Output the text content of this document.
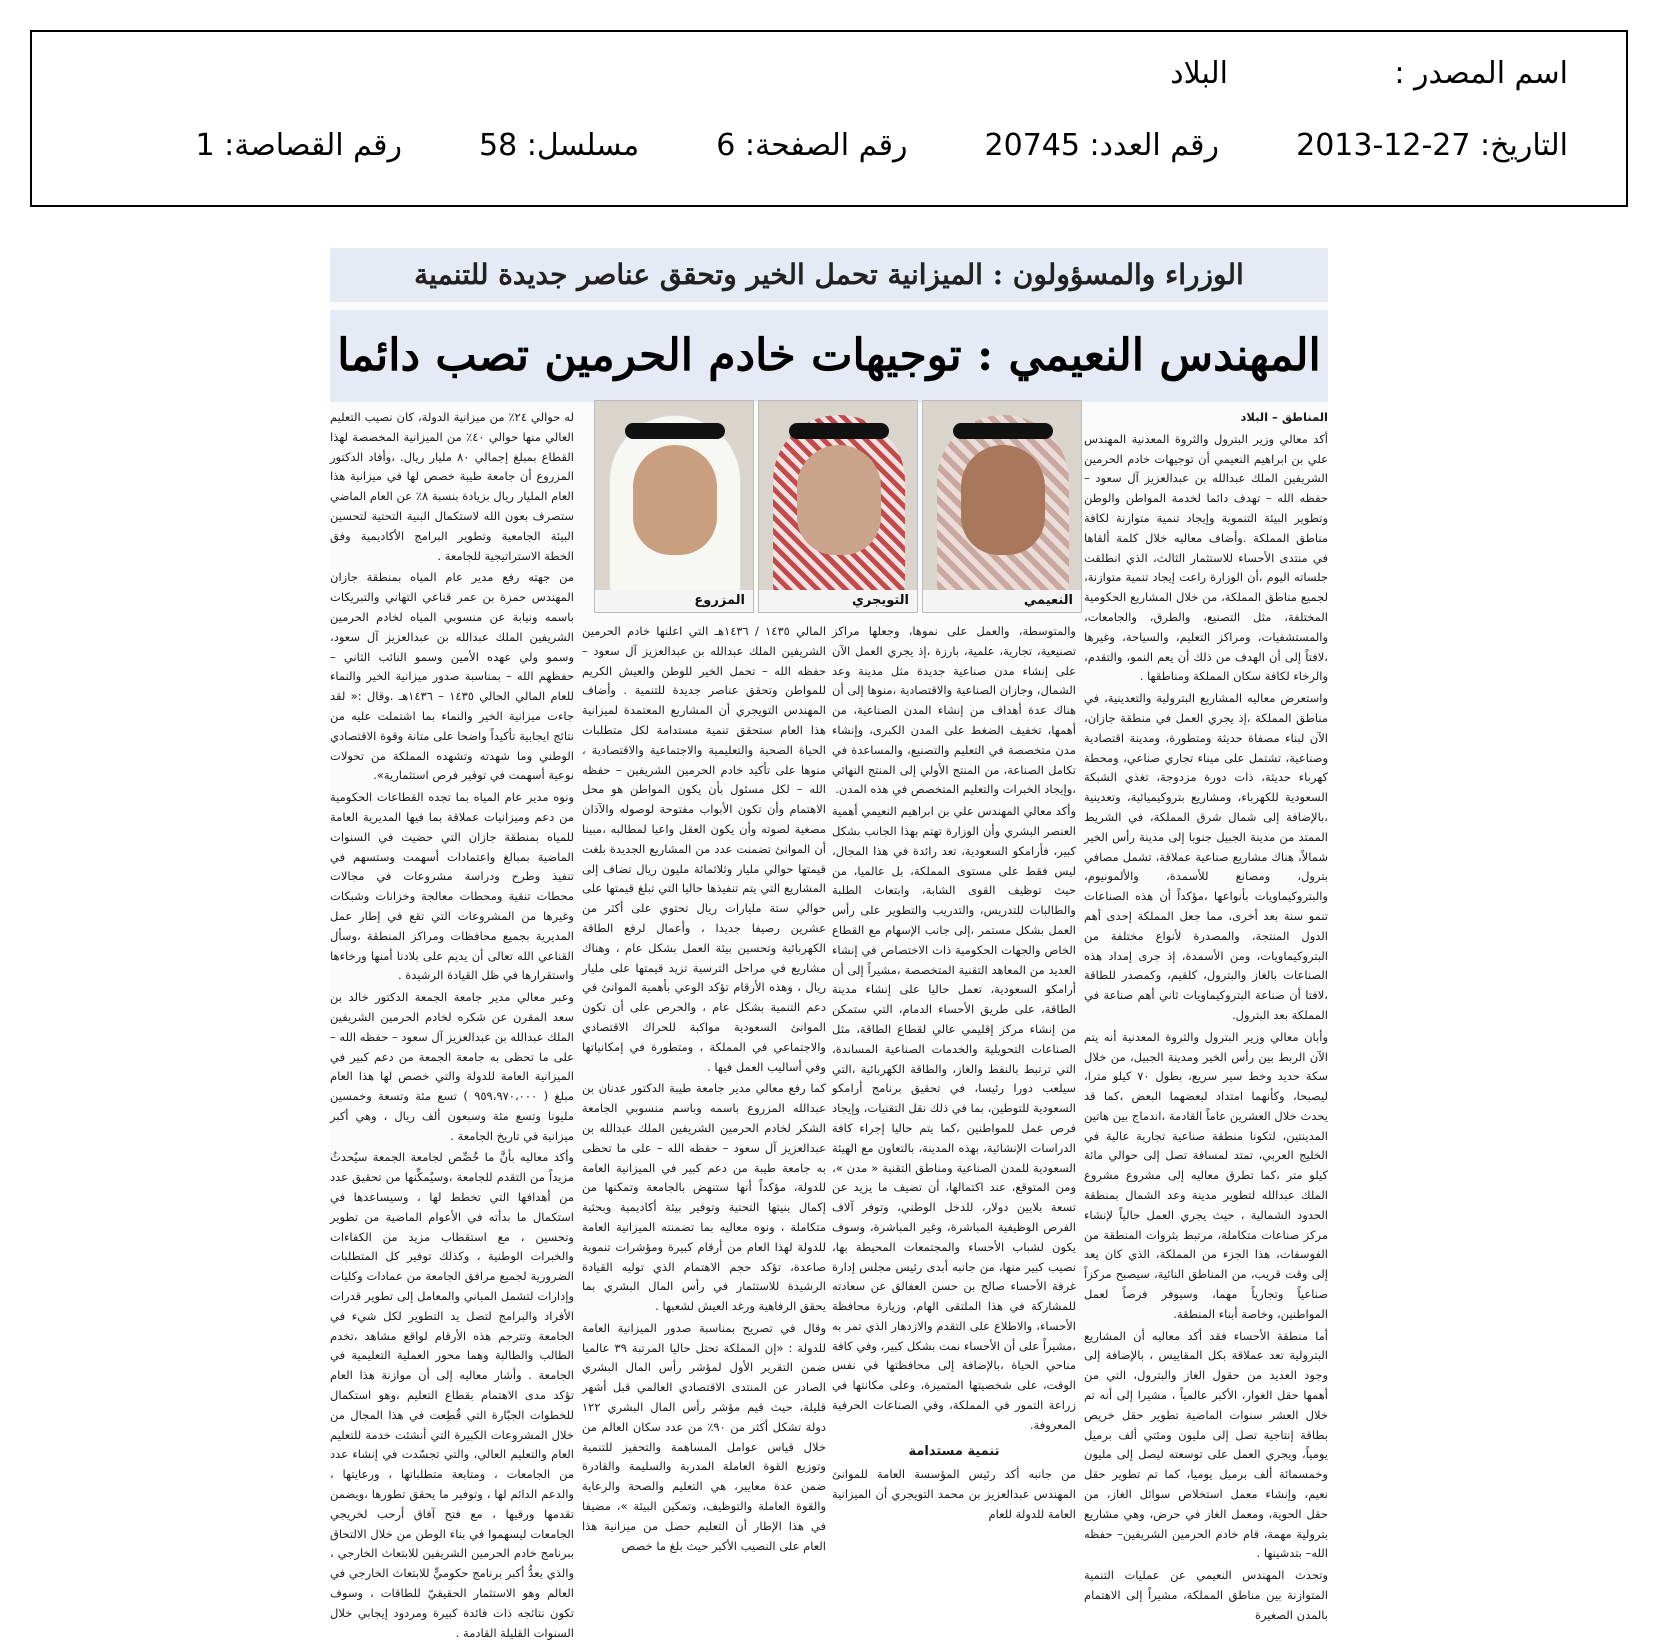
اسم المصدر :
البلاد
التاريخ: 2013-12-27  رقم العدد: 20745  رقم الصفحة: 6  مسلسل: 58  رقم القصاصة: 1
الوزراء والمسؤولون : الميزانية تحمل الخير وتحقق عناصر جديدة للتنمية
المهندس النعيمي : توجيهات خادم الحرمين تصب دائما
النعيمي
التويجري
المزروع

المناطق – البلاد

أكد معالي وزير البترول والثروة المعدنية المهندس علي بن ابراهيم النعيمي أن توجيهات خادم الحرمين الشريفين الملك عبدالله بن عبدالعزيز آل سعود – حفظه الله – تهدف دائما لخدمة المواطن والوطن وتطوير البيئة التنموية وإيجاد تنمية متوازنة لكافة مناطق المملكة .وأضاف معاليه خلال كلمة ألقاها في منتدى الأحساء للاستثمار الثالث، الذي انطلقت جلساته اليوم ،أن الوزارة راعت إيجاد تنمية متوازنة، لجميع مناطق المملكة، من خلال المشاريع الحكومية المختلفة، مثل التصنيع، والطرق، والجامعات، والمستشفيات، ومراكز التعليم، والسياحة، وغيرها ،لافتاً إلى أن الهدف من ذلك أن يعم النمو، والتقدم، والرخاء لكافة سكان المملكة ومناطقها .

واستعرض معاليه المشاريع البترولية والتعدينية، في مناطق المملكة ،إذ يجري العمل في منطقة جازان، الآن لبناء مصفاة حديثة ومتطورة، ومدينة اقتصادية وصناعية، تشتمل على ميناء تجاري صناعي، ومحطة كهرباء حديثة، ذات دورة مزدوجة، تغذي الشبكة السعودية للكهرباء، ومشاريع بتروكيميائية، وتعدينية ،بالإضافة إلى شمال شرق المملكة، في الشريط الممتد من مدينة الجبيل جنوبا إلى مدينة رأس الخير شمالاً، هناك مشاريع صناعية عملاقة، تشمل مصافي بترول، ومصانع للأسمدة، والألمونيوم، والبتروكيماويات بأنواعها ،مؤكداً أن هذه الصناعات تنمو سنة بعد أخرى، مما جعل المملكة إحدى أهم الدول المنتجة، والمصدرة لأنواع مختلفة من البتروكيماويات، ومن الأسمدة، إذ جرى إمداد هذه الصناعات بالغاز والبترول، كلقيم، وكمصدر للطاقة ،لافتا أن صناعة البتروكيماويات ثاني أهم صناعة في المملكة بعد البترول.

وأبان معالي وزير البترول والثروة المعدنية أنه يتم الآن الربط بين رأس الخير ومدينة الجبيل، من خلال سكة حديد وخط سير سريع، بطول ٧٠ كيلو مترا، ليصبحا، وكأنهما امتداد لبعضهما البعض ،كما قد يحدث خلال العشرين عاماً القادمة ،اندماج بين هاتين المدينتين، لتكونا منطقة صناعية تجارية عالية في الخليج العربي، تمتد لمسافة تصل إلى حوالي مائة كيلو متر ،كما تطرق معاليه إلى مشروع مشروع الملك عبدالله لتطوير مدينة وعد الشمال بمنطقة الحدود الشمالية ، حيث يجري العمل حالياً لإنشاء مركز صناعات متكاملة، مرتبط بثروات المنطقة من الفوسفات، هذا الجزء من المملكة، الذي كان يعد إلى وقت قريب، من المناطق النائية، سيصبح مركزاً صناعياً وتجارياً مهما، وسيوفر فرصاً لعمل المواطنين، وخاصة أبناء المنطقة.

أما منطقة الأحساء فقد أكد معاليه أن المشاريع البترولية تعد عملاقة بكل المقاييس ، بالإضافة إلى وجود العديد من حقول الغاز والبترول، التي من أهمها حقل الغوار، الأكبر عالمياً ، مشيرا إلى أنه تم خلال العشر سنوات الماضية تطوير حقل خريص بطاقة إنتاجية تصل إلى مليون ومئتي ألف برميل يومياً، ويجري العمل على توسعته ليصل إلى مليون وخمسمائة ألف برميل يوميا، كما تم تطوير حقل نعيم، وإنشاء معمل استخلاص سوائل الغاز، من حقل الحوية، ومعمل الغاز في حرض، وهي مشاريع بترولية مهمة، قام خادم الحرمين الشريفين– حفظه الله– بتدشينها .

وتحدث المهندس النعيمي عن عمليات التنمية المتوازنة بين مناطق المملكة، مشيراً إلى الاهتمام بالمدن الصغيرة

والمتوسطة، والعمل على نموها، وجعلها مراكز تصنيعية، تجارية، علمية، بارزة ،إذ يجري العمل الآن على إنشاء مدن صناعية جديدة مثل مدينة وعد الشمال، وجازان الصناعية والاقتصادية ،منوها إلى أن هناك عدة أهداف من إنشاء المدن الصناعية، من أهمها، تخفيف الضغط على المدن الكبرى، وإنشاء مدن متخصصة في التعليم والتصنيع، والمساعدة في تكامل الصناعة، من المنتج الأولي إلى المنتج النهائي ،وإيجاد الخبرات والتعليم المتخصص في هذه المدن.

وأكد معالي المهندس علي بن ابراهيم النعيمي أهمية العنصر البشري وأن الوزارة تهتم بهذا الجانب بشكل كبير، فأرامكو السعودية، تعد رائدة في هذا المجال، ليس فقط على مستوى المملكة، بل عالميا، من حيث توظيف القوى الشابة، وابتعاث الطلبة والطالبات للتدريس، والتدريب والتطوير على رأس العمل بشكل مستمر ،إلى جانب الإسهام مع القطاع الخاص والجهات الحكومية ذات الاختصاص في إنشاء العديد من المعاهد التقنية المتخصصة ،مشيراً إلى أن أرامكو السعودية، تعمل حاليا على إنشاء مدينة الطاقة، على طريق الأحساء الدمام، التي ستمكن من إنشاء مركز إقليمي عالي لقطاع الطاقة، مثل الصناعات التحويلية والخدمات الصناعية المساندة، التي ترتبط بالنفط والغاز، والطاقة الكهربائية ،التي سيلعب دورا رئيسا، في تحقيق برنامج أرامكو السعودية للتوطين، بما في ذلك نقل التقنيات، وإيجاد فرص عمل للمواطنين ،كما يتم حاليا إجراء كافة الدراسات الإنشائية، بهذه المدينة، بالتعاون مع الهيئة السعودية للمدن الصناعية ومناطق التقنية « مدن »، ومن المتوقع، عند اكتمالها، أن تضيف ما يزيد عن تسعة بلايين دولار، للدخل الوطني، وتوفر آلاف الفرص الوظيفية المباشرة، وغير المباشرة، وسوف يكون لشباب الأحساء والمجتمعات المحيطة بها، نصيب كبير منها، من جانبه أبدى رئيس مجلس إدارة غرفة الأحساء صالح بن حسن العفالق عن سعادته للمشاركة في هذا الملتقى الهام، وزيارة محافظة الأحساء، والاطلاع على التقدم والازدهار الذي تمر به ،مشيراً على أن الأحساء نمت بشكل كبير، وفي كافة مناحي الحياة ،بالإضافة إلى محافظتها في نفس الوقت، على شخصيتها المتميزة، وعلى مكانتها في زراعة التمور في المملكة، وفي الصناعات الحرفية المعروفة.

تنمية مستدامة

من جانبه أكد رئيس المؤسسة العامة للموانئ المهندس عبدالعزيز بن محمد التويجري أن الميزانية العامة للدولة للعام

المالي ١٤٣٥ / ١٤٣٦هـ التي اعلنها خادم الحرمين الشريفين الملك عبدالله بن عبدالعزيز آل سعود – حفظه الله – تحمل الخير للوطن والعيش الكريم للمواطن وتحقق عناصر جديدة للتنمية . وأضاف المهندس التويجري أن المشاريع المعتمدة لميزانية هذا العام ستحقق تنمية مستدامة لكل متطلبات الحياة الصحية والتعليمية والاجتماعية والاقتصادية ، منوها على تأكيد خادم الحرمين الشريفين – حفظه الله – لكل مسئول بأن يكون المواطن هو محل الاهتمام وأن تكون الأبواب مفتوحة لوصوله والآذان مصغية لصوته وأن يكون العقل واعيا لمطالبه ،مبينا أن الموانئ تضمنت عدد من المشاريع الجديدة بلغت قيمتها حوالي مليار وثلاثمائة مليون ريال تضاف إلى المشاريع التي يتم تنفيذها حاليا التي تبلغ قيمتها على حوالي ستة مليارات ريال تحتوي على أكثر من عشرين رصيفا جديدا ، وأعمال لرفع الطاقة الكهربائية وتحسين بيئة العمل بشكل عام ، وهناك مشاريع في مراحل الترسية تزيد قيمتها على مليار ريال ، وهذه الأرقام تؤكد الوعي بأهمية الموانئ في دعم التنمية بشكل عام ، والحرص على أن تكون الموانئ السعودية مواكبة للحراك الاقتصادي والاجتماعي في المملكة ، ومتطورة في إمكانياتها وفي أساليب العمل فيها .

كما رفع معالي مدير جامعة طيبة الدكتور عدنان بن عبدالله المزروع باسمه وباسم منسوبي الجامعة الشكر لخادم الحرمين الشريفين الملك عبدالله بن عبدالعزيز آل سعود – حفظه الله – على ما تحظى به جامعة طيبة من دعم كبير في الميزانية العامة للدولة، مؤكداً أنها ستنهض بالجامعة وتمكنها من إكمال بنيتها التحتية وتوفير بيئة أكاديمية وبحثية متكاملة ، ونوه معاليه بما تضمنته الميزانية العامة للدولة لهذا العام من أرقام كبيرة ومؤشرات تنموية صاعدة، تؤكد حجم الاهتمام الذي توليه القيادة الرشيدة للاستثمار في رأس المال البشري بما يحقق الرفاهية ورغد العيش لشعبها .

وقال في تصريح بمناسبة صدور الميزانية العامة للدولة : «إن المملكة تحتل حاليا المرتبة ٣٩ عالميا ضمن التقرير الأول لمؤشر رأس المال البشري الصادر عن المنتدى الاقتصادي العالمي قبل أشهر قليلة، حيث قيم مؤشر رأس المال البشري ١٢٢ دولة تشكل أكثر من ٩٠٪ من عدد سكان العالم من خلال قياس عوامل المساهمة والتحفيز للتنمية وتوزيع القوة العاملة المدربة والسليمة والقادرة ضمن عدة معايير، هي التعليم والصحة والرعاية والقوة العاملة والتوظيف، وتمكين البيئة »، مضيفا في هذا الإطار أن التعليم حصل من ميزانية هذا العام على النصيب الأكبر حيث بلغ ما خصص

له حوالي ٢٤٪ من ميزانية الدولة، كان نصيب التعليم العالي منها حوالي ٤٠٪ من الميزانية المخصصة لهذا القطاع بمبلغ إجمالي ٨٠ مليار ريال. ،وأفاد الدكتور المزروع أن جامعة طيبة خصص لها في ميزانية هذا العام المليار ريال بزيادة بنسبة ٨٪ عن العام الماضي ستصرف بعون الله لاستكمال البنية التحتية لتحسين البيئة الجامعية وتطوير البرامج الأكاديمية وفق الخطة الاستراتيجية للجامعة .

من جهته رفع مدير عام المياه بمنطقة جازان المهندس حمزة بن عمر قناعي التهاني والتبريكات باسمه ونيابة عن منسوبي المياه لخادم الحرمين الشريفين الملك عبدالله بن عبدالعزيز آل سعود، وسمو ولي عهده الأمين وسمو النائب الثاني – حفظهم الله – بمناسبة صدور ميزانية الخير والنماء للعام المالي الحالي ١٤٣٥ – ١٤٣٦هـ .وقال :« لقد جاءت ميزانية الخير والنماء بما اشتملت عليه من نتائج ايجابية تأكيداً واضحا على متانة وقوة الاقتصادي الوطني وما شهدته وتشهده المملكة من تحولات نوعية أسهمت في توفير فرص استثمارية».

ونوه مدير عام المياه بما تجده القطاعات الحكومية من دعم وميزانيات عملاقة بما فيها المديرية العامة للمياه بمنطقة جازان التي حضيت في السنوات الماضية بمبالغ واعتمادات أسهمت وستسهم في تنفيذ وطرح ودراسة مشروعات في مجالات محطات تنقية ومحطات معالجة وخزانات وشبكات وغيرها من المشروعات التي تقع في إطار عمل المديرية بجميع محافظات ومراكز المنطقة ،وسأل القناعي الله تعالى أن يديم على بلادنا أمنها ورخاءها واستقرارها في ظل القيادة الرشيدة .

وعبر معالي مدير جامعة الجمعة الدكتور خالد بن سعد المقرن عن شكره لخادم الحرمين الشريفين الملك عبدالله بن عبدالعزيز آل سعود – حفظه الله – على ما تحظى به جامعة الجمعة من دعم كبير في الميزانية العامة للدولة والتي خصص لها هذا العام مبلغ ( ٩٥٩،٩٧٠،٠٠٠ ) تسع مئة وتسعة وخمسين مليونا وتسع مئة وسبعون ألف ريال ، وهي أكبر ميزانية في تاريخ الجامعة .

وأكد معاليه بأنَّ ما خُصِّص لجامعة الجمعة سيُحدثُ مزيداً من التقدم للجامعة ،وسيُمكِّنها من تحقيق عدد من أهدافها التي تخطط لها ، وسيساعدها في استكمال ما بدأته في الأعوام الماضية من تطوير وتحسين ، مع استقطاب مزيد من الكفاءات والخبرات الوطنية ، وكذلك توفير كل المتطلبات الضرورية لجميع مرافق الجامعة من عمادات وكليات وإدارات لتشمل المباني والمعامل إلى تطوير قدرات الأفراد والبرامج لتصل يد التطوير لكل شيء في الجامعة وتترجم هذه الأرقام لواقع مشاهد ،تخدم الطالب والطالبة وهما محور العملية التعليمية في الجامعة . وأشار معاليه إلى أن موازنة هذا العام تؤكد مدى الاهتمام بقطاع التعليم ،وهو استكمال للخطوات الجبّارة التي قُطِعت في هذا المجال من خلال المشروعات الكبيرة التي أنشئت خدمة للتعليم العام والتعليم العالي، والتي تجسّدت في إنشاء عدد من الجامعات ، ومتابعة متطلباتها ، ورعايتها ، والدعم الدائم لها ، وتوفير ما يحقق تطورها ،ويضمن تقدمها ورقيها ، مع فتح آفاق أرحب لخريجي الجامعات ليسهموا في بناء الوطن من خلال الالتحاق ببرنامج خادم الحرمين الشريفين للابتعاث الخارجي ، والذي يعدُّ أكبر برنامج حكوميٍّ للابتعاث الخارجي في العالم وهو الاستثمار الحقيقيّ للطاقات ، وسوف تكون نتائجه ذات فائدة كبيرة ومردود إيجابي خلال السنوات القليلة القادمة .
